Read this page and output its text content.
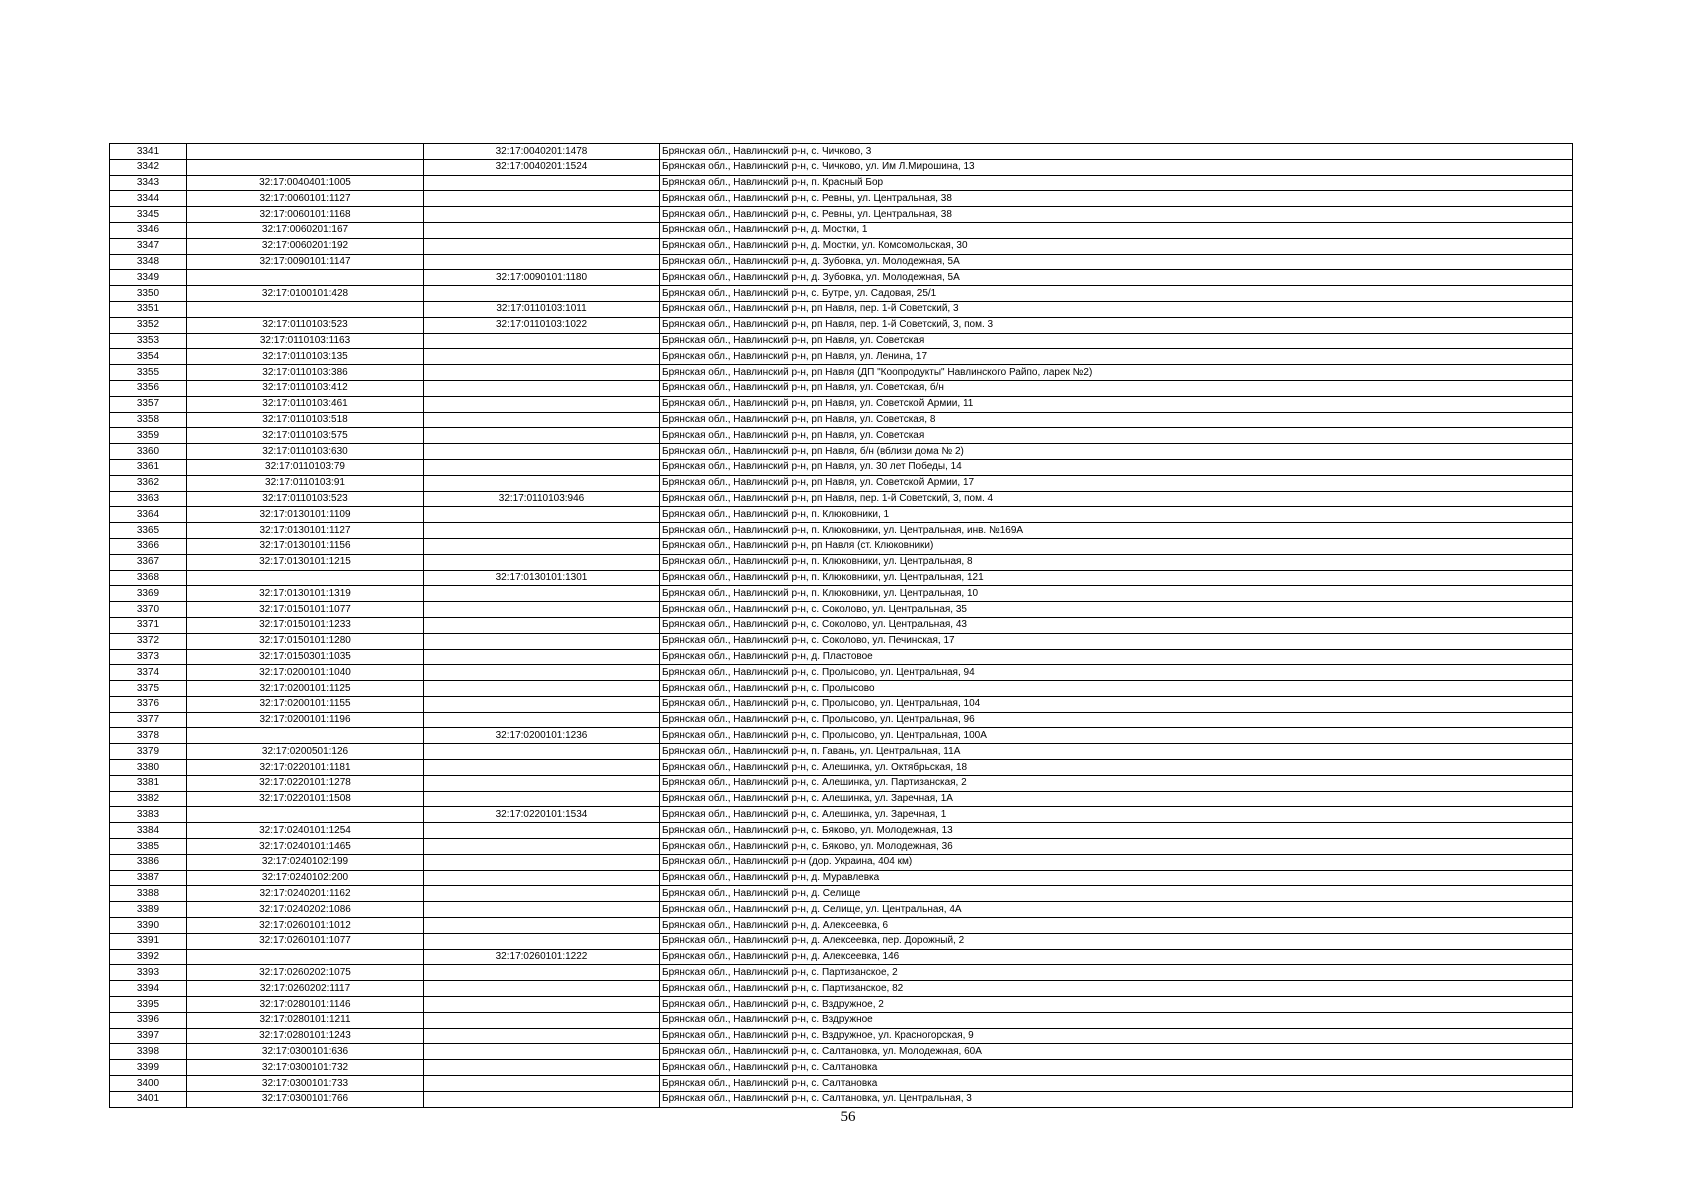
3341		32:17:0040201:1478	Брянская обл., Навлинский р-н, с. Чичково, 3
3342		32:17:0040201:1524	Брянская обл., Навлинский р-н, с. Чичково, ул. Им Л.Мирошина, 13
3343	32:17:0040401:1005		Брянская обл., Навлинский р-н, п. Красный Бор
3344	32:17:0060101:1127		Брянская обл., Навлинский р-н, с. Ревны, ул. Центральная, 38
3345	32:17:0060101:1168		Брянская обл., Навлинский р-н, с. Ревны, ул. Центральная, 38
3346	32:17:0060201:167		Брянская обл., Навлинский р-н, д. Мостки, 1
3347	32:17:0060201:192		Брянская обл., Навлинский р-н, д. Мостки, ул. Комсомольская, 30
3348	32:17:0090101:1147		Брянская обл., Навлинский р-н, д. Зубовка, ул. Молодежная, 5А
3349		32:17:0090101:1180	Брянская обл., Навлинский р-н, д. Зубовка, ул. Молодежная, 5А
3350	32:17:0100101:428		Брянская обл., Навлинский р-н, с. Бутре, ул. Садовая, 25/1
3351		32:17:0110103:1011	Брянская обл., Навлинский р-н, рп Навля, пер. 1-й Советский, 3
3352	32:17:0110103:523	32:17:0110103:1022	Брянская обл., Навлинский р-н, рп Навля, пер. 1-й Советский, 3, пом. 3
3353	32:17:0110103:1163		Брянская обл., Навлинский р-н, рп Навля, ул. Советская
3354	32:17:0110103:135		Брянская обл., Навлинский р-н, рп Навля, ул. Ленина, 17
3355	32:17:0110103:386		Брянская обл., Навлинский р-н, рп Навля (ДП "Коопродукты" Навлинского Райпо, ларек №2)
3356	32:17:0110103:412		Брянская обл., Навлинский р-н, рп Навля, ул. Советская, б/н
3357	32:17:0110103:461		Брянская обл., Навлинский р-н, рп Навля, ул. Советской Армии, 11
3358	32:17:0110103:518		Брянская обл., Навлинский р-н, рп Навля, ул. Советская, 8
3359	32:17:0110103:575		Брянская обл., Навлинский р-н, рп Навля, ул. Советская
3360	32:17:0110103:630		Брянская обл., Навлинский р-н, рп Навля, б/н (вблизи дома № 2)
3361	32:17:0110103:79		Брянская обл., Навлинский р-н, рп Навля, ул. 30 лет Победы, 14
3362	32:17:0110103:91		Брянская обл., Навлинский р-н, рп Навля, ул. Советской Армии, 17
3363	32:17:0110103:523	32:17:0110103:946	Брянская обл., Навлинский р-н, рп Навля, пер. 1-й Советский, 3, пом. 4
3364	32:17:0130101:1109		Брянская обл., Навлинский р-н, п. Клюковники, 1
3365	32:17:0130101:1127		Брянская обл., Навлинский р-н, п. Клюковники, ул. Центральная, инв. №169А
3366	32:17:0130101:1156		Брянская обл., Навлинский р-н, рп Навля (ст. Клюковники)
3367	32:17:0130101:1215		Брянская обл., Навлинский р-н, п. Клюковники, ул. Центральная, 8
3368		32:17:0130101:1301	Брянская обл., Навлинский р-н, п. Клюковники, ул. Центральная, 121
3369	32:17:0130101:1319		Брянская обл., Навлинский р-н, п. Клюковники, ул. Центральная, 10
3370	32:17:0150101:1077		Брянская обл., Навлинский р-н, с. Соколово, ул. Центральная, 35
3371	32:17:0150101:1233		Брянская обл., Навлинский р-н, с. Соколово, ул. Центральная, 43
3372	32:17:0150101:1280		Брянская обл., Навлинский р-н, с. Соколово, ул. Печинская, 17
3373	32:17:0150301:1035		Брянская обл., Навлинский р-н, д. Пластовое
3374	32:17:0200101:1040		Брянская обл., Навлинский р-н, с. Пролысово, ул. Центральная, 94
3375	32:17:0200101:1125		Брянская обл., Навлинский р-н, с. Пролысово
3376	32:17:0200101:1155		Брянская обл., Навлинский р-н, с. Пролысово, ул. Центральная, 104
3377	32:17:0200101:1196		Брянская обл., Навлинский р-н, с. Пролысово, ул. Центральная, 96
3378		32:17:0200101:1236	Брянская обл., Навлинский р-н, с. Пролысово, ул. Центральная, 100А
3379	32:17:0200501:126		Брянская обл., Навлинский р-н, п. Гавань, ул. Центральная, 11А
3380	32:17:0220101:1181		Брянская обл., Навлинский р-н, с. Алешинка, ул. Октябрьская, 18
3381	32:17:0220101:1278		Брянская обл., Навлинский р-н, с. Алешинка, ул. Партизанская, 2
3382	32:17:0220101:1508		Брянская обл., Навлинский р-н, с. Алешинка, ул. Заречная, 1А
3383		32:17:0220101:1534	Брянская обл., Навлинский р-н, с. Алешинка, ул. Заречная, 1
3384	32:17:0240101:1254		Брянская обл., Навлинский р-н, с. Бяково, ул. Молодежная, 13
3385	32:17:0240101:1465		Брянская обл., Навлинский р-н, с. Бяково, ул. Молодежная, 36
3386	32:17:0240102:199		Брянская обл., Навлинский р-н (дор. Украина, 404 км)
3387	32:17:0240102:200		Брянская обл., Навлинский р-н, д. Муравлевка
3388	32:17:0240201:1162		Брянская обл., Навлинский р-н, д. Селище
3389	32:17:0240202:1086		Брянская обл., Навлинский р-н, д. Селище, ул. Центральная, 4А
3390	32:17:0260101:1012		Брянская обл., Навлинский р-н, д. Алексеевка, 6
3391	32:17:0260101:1077		Брянская обл., Навлинский р-н, д. Алексеевка, пер. Дорожный, 2
3392		32:17:0260101:1222	Брянская обл., Навлинский р-н, д. Алексеевка, 146
3393	32:17:0260202:1075		Брянская обл., Навлинский р-н, с. Партизанское, 2
3394	32:17:0260202:1117		Брянская обл., Навлинский р-н, с. Партизанское, 82
3395	32:17:0280101:1146		Брянская обл., Навлинский р-н, с. Вздружное, 2
3396	32:17:0280101:1211		Брянская обл., Навлинский р-н, с. Вздружное
3397	32:17:0280101:1243		Брянская обл., Навлинский р-н, с. Вздружное, ул. Красногорская, 9
3398	32:17:0300101:636		Брянская обл., Навлинский р-н, с. Салтановка, ул. Молодежная, 60А
3399	32:17:0300101:732		Брянская обл., Навлинский р-н, с. Салтановка
3400	32:17:0300101:733		Брянская обл., Навлинский р-н, с. Салтановка
3401	32:17:0300101:766		Брянская обл., Навлинский р-н, с. Салтановка, ул. Центральная, 3
56
